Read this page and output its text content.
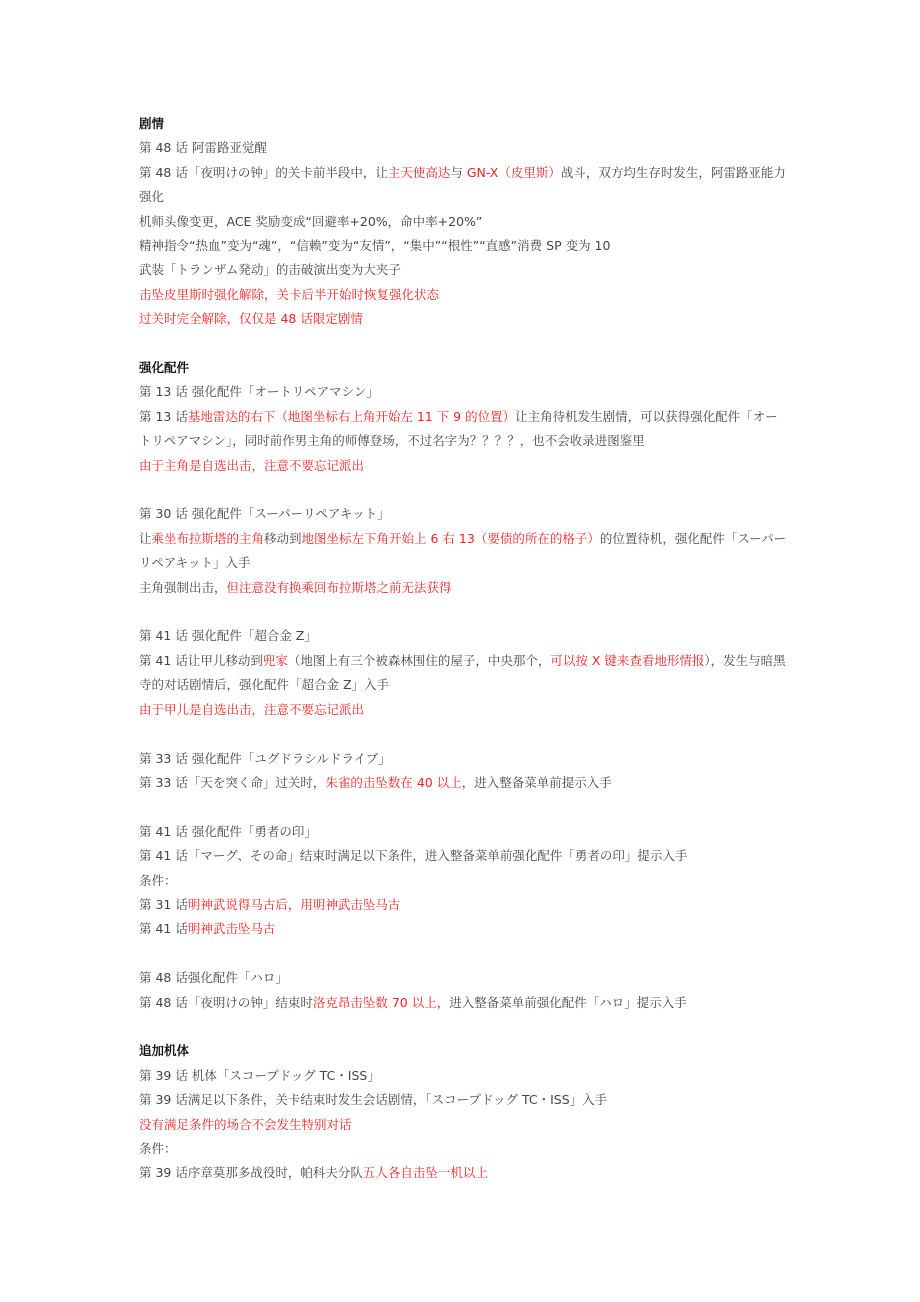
剧情

第 48 话 阿雷路亚觉醒

第 48 话「夜明けの钟」的关卡前半段中，让主天使高达与 GN-X（皮里斯）战斗，双方均生存时发生，阿雷路亚能力强化

机师头像变更，ACE 奖励变成“回避率+20%，命中率+20%”

精神指令“热血”变为“魂”，“信赖”变为“友情”，“集中”“根性”“直感”消费 SP 变为 10

武装「トランザム発动」的击破演出变为大夹子

击坠皮里斯时强化解除，关卡后半开始时恢复强化状态

过关时完全解除，仅仅是 48 话限定剧情

强化配件

第 13 话 强化配件「オートリペアマシン」

第 13 话基地雷达的右下（地图坐标右上角开始左 11 下 9 的位置）让主角待机发生剧情，可以获得强化配件「オートリペアマシン」，同时前作男主角的师傅登场，不过名字为？？？？，也不会收录进图鉴里

由于主角是自选出击，注意不要忘记派出

第 30 话 强化配件「スーパーリペアキット」

让乘坐布拉斯塔的主角移动到地图坐标左下角开始上 6 右 13（要债的所在的格子）的位置待机，强化配件「スーパーリペアキット」入手

主角强制出击，但注意没有换乘回布拉斯塔之前无法获得

第 41 话 强化配件「超合金 Z」

第 41 话让甲儿移动到兜家（地图上有三个被森林围住的屋子，中央那个，可以按 X 键来查看地形情报），发生与暗黑寺的对话剧情后，强化配件「超合金 Z」入手

由于甲儿是自选出击，注意不要忘记派出

第 33 话 强化配件「ユグドラシルドライブ」

第 33 话「天を突く命」过关时，朱雀的击坠数在 40 以上，进入整备菜单前提示入手

第 41 话 强化配件「勇者の印」

第 41 话「マーグ、その命」结束时满足以下条件，进入整备菜单前强化配件「勇者の印」提示入手

条件：

第 31 话明神武说得马古后，用明神武击坠马古

第 41 话明神武击坠马古

第 48 话强化配件「ハロ」

第 48 话「夜明けの钟」结束时洛克昂击坠数 70 以上，进入整备菜单前强化配件「ハロ」提示入手

追加机体

第 39 话 机体「スコープドッグ TC・ISS」

第 39 话满足以下条件，关卡结束时发生会话剧情，「スコープドッグ TC・ISS」入手

没有满足条件的场合不会发生特别对话

条件：

第 39 话序章莫那多战役时，帕科夫分队五人各自击坠一机以上
